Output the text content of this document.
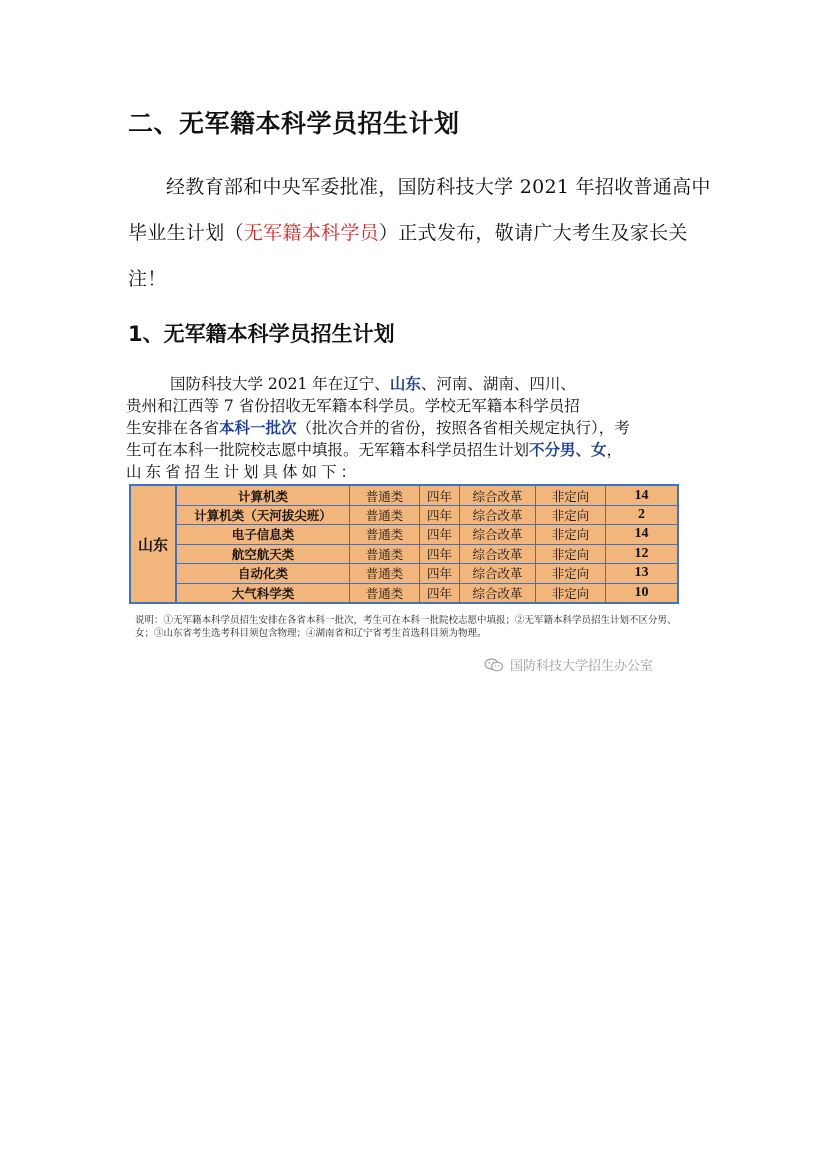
二、无军籍本科学员招生计划
经教育部和中央军委批准，国防科技大学 2021 年招收普通高中
毕业生计划（无军籍本科学员）正式发布，敬请广大考生及家长关
注！
1、无军籍本科学员招生计划
国防科技大学 2021 年在辽宁、山东、河南、湖南、四川、
贵州和江西等 7 省份招收无军籍本科学员。学校无军籍本科学员招
生安排在各省本科一批次（批次合并的省份，按照各省相关规定执行），考
生可在本科一批院校志愿中填报。无军籍本科学员招生计划不分男、女，
山东省招生计划具体如下：
山东
计算机类	普通类	四年	综合改革	非定向	14
计算机类（天河拔尖班）	普通类	四年	综合改革	非定向	2
电子信息类	普通类	四年	综合改革	非定向	14
航空航天类	普通类	四年	综合改革	非定向	12
自动化类	普通类	四年	综合改革	非定向	13
大气科学类	普通类	四年	综合改革	非定向	10
说明：①无军籍本科学员招生安排在各省本科一批次，考生可在本科一批院校志愿中填报；②无军籍本科学员招生计划不区分男、女；③山东省考生选考科目须包含物理；④湖南省和辽宁省考生首选科目须为物理。
国防科技大学招生办公室
